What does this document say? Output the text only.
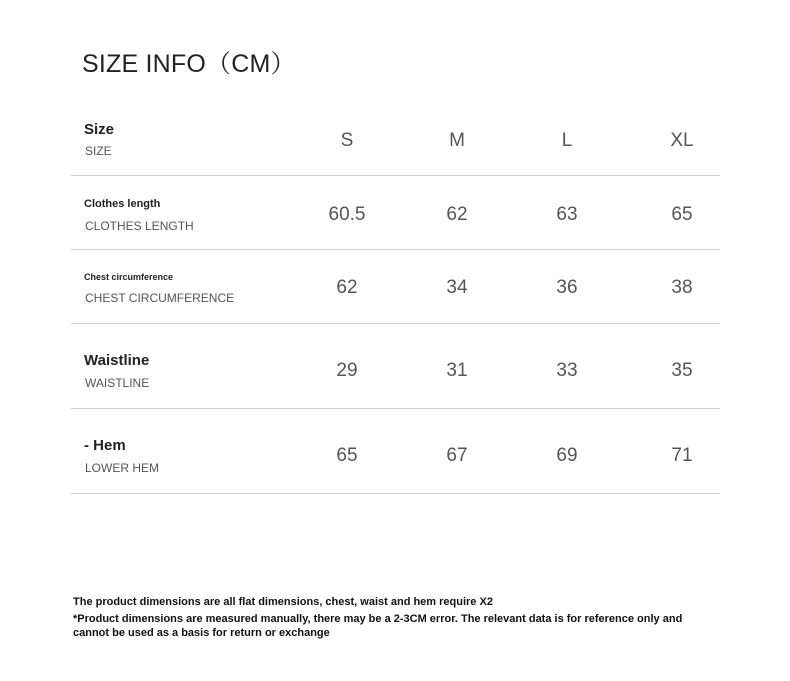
SIZE INFO（CM）
Size
SIZE	S	M	L	XL
Clothes length
CLOTHES LENGTH
60.5	62	63	65
Chest circumference
CHEST CIRCUMFERENCE	62	34	36	38
Waistline
WAISTLINE
29	31	33	35
- Hem
LOWER HEM
65	67	69	71
The product dimensions are all flat dimensions, chest, waist and hem require X2
*Product dimensions are measured manually, there may be a 2-3CM error. The relevant data is for reference only and cannot be used as a basis for return or exchange
